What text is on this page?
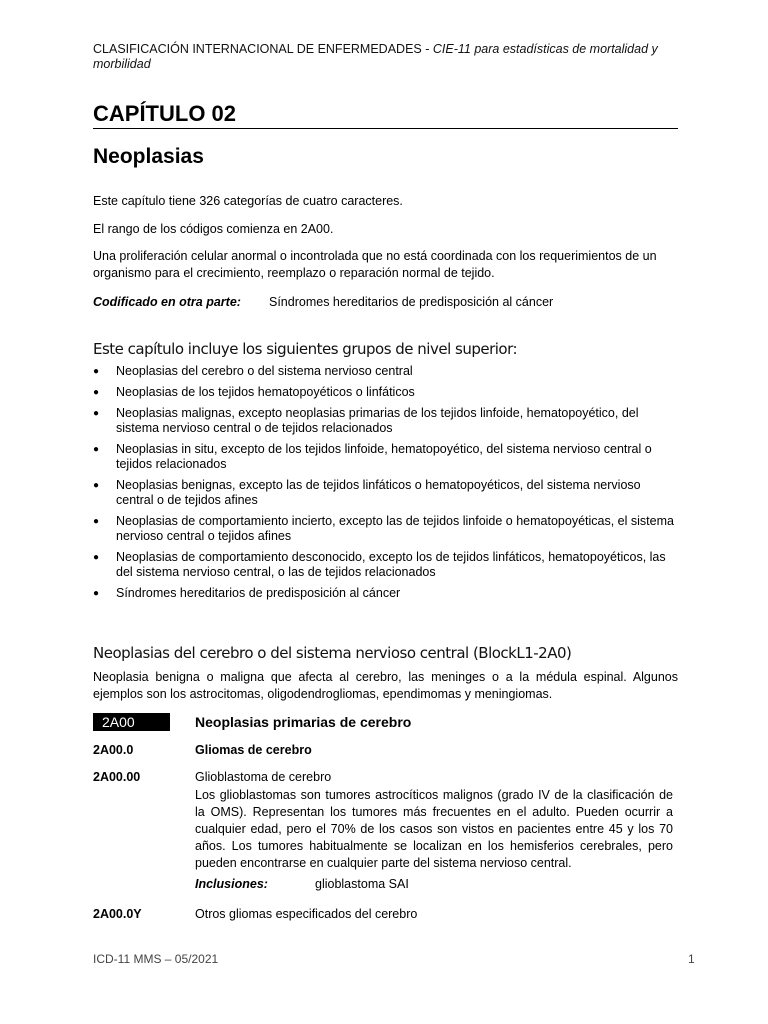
CLASIFICACIÓN INTERNACIONAL DE ENFERMEDADES - CIE-11 para estadísticas de mortalidad y morbilidad
CAPÍTULO 02
Neoplasias
Este capítulo tiene 326 categorías de cuatro caracteres.
El rango de los códigos comienza en 2A00.
Una proliferación celular anormal o incontrolada que no está coordinada con los requerimientos de un organismo para el crecimiento, reemplazo o reparación normal de tejido.
Codificado en otra parte: Síndromes hereditarios de predisposición al cáncer
Este capítulo incluye los siguientes grupos de nivel superior:
● Neoplasias del cerebro o del sistema nervioso central
● Neoplasias de los tejidos hematopoyéticos o linfáticos
● Neoplasias malignas, excepto neoplasias primarias de los tejidos linfoide, hematopoyético, del sistema nervioso central o de tejidos relacionados
● Neoplasias in situ, excepto de los tejidos linfoide, hematopoyético, del sistema nervioso central o tejidos relacionados
● Neoplasias benignas, excepto las de tejidos linfáticos o hematopoyéticos, del sistema nervioso central o de tejidos afines
● Neoplasias de comportamiento incierto, excepto las de tejidos linfoide o hematopoyéticas, el sistema nervioso central o tejidos afines
● Neoplasias de comportamiento desconocido, excepto los de tejidos linfáticos, hematopoyéticos, las del sistema nervioso central, o las de tejidos relacionados
● Síndromes hereditarios de predisposición al cáncer
Neoplasias del cerebro o del sistema nervioso central (BlockL1‑2A0)
Neoplasia benigna o maligna que afecta al cerebro, las meninges o a la médula espinal. Algunos ejemplos son los astrocitomas, oligodendrogliomas, ependimomas y meningiomas.
2A00	Neoplasias primarias de cerebro
2A00.0	Gliomas de cerebro
2A00.00	Glioblastoma de cerebro
Los glioblastomas son tumores astrocíticos malignos (grado IV de la clasificación de la OMS). Representan los tumores más frecuentes en el adulto. Pueden ocurrir a cualquier edad, pero el 70% de los casos son vistos en pacientes entre 45 y los 70 años. Los tumores habitualmente se localizan en los hemisferios cerebrales, pero pueden encontrarse en cualquier parte del sistema nervioso central.
Inclusiones:	glioblastoma SAI
2A00.0Y	Otros gliomas especificados del cerebro
ICD-11 MMS – 05/2021	1
